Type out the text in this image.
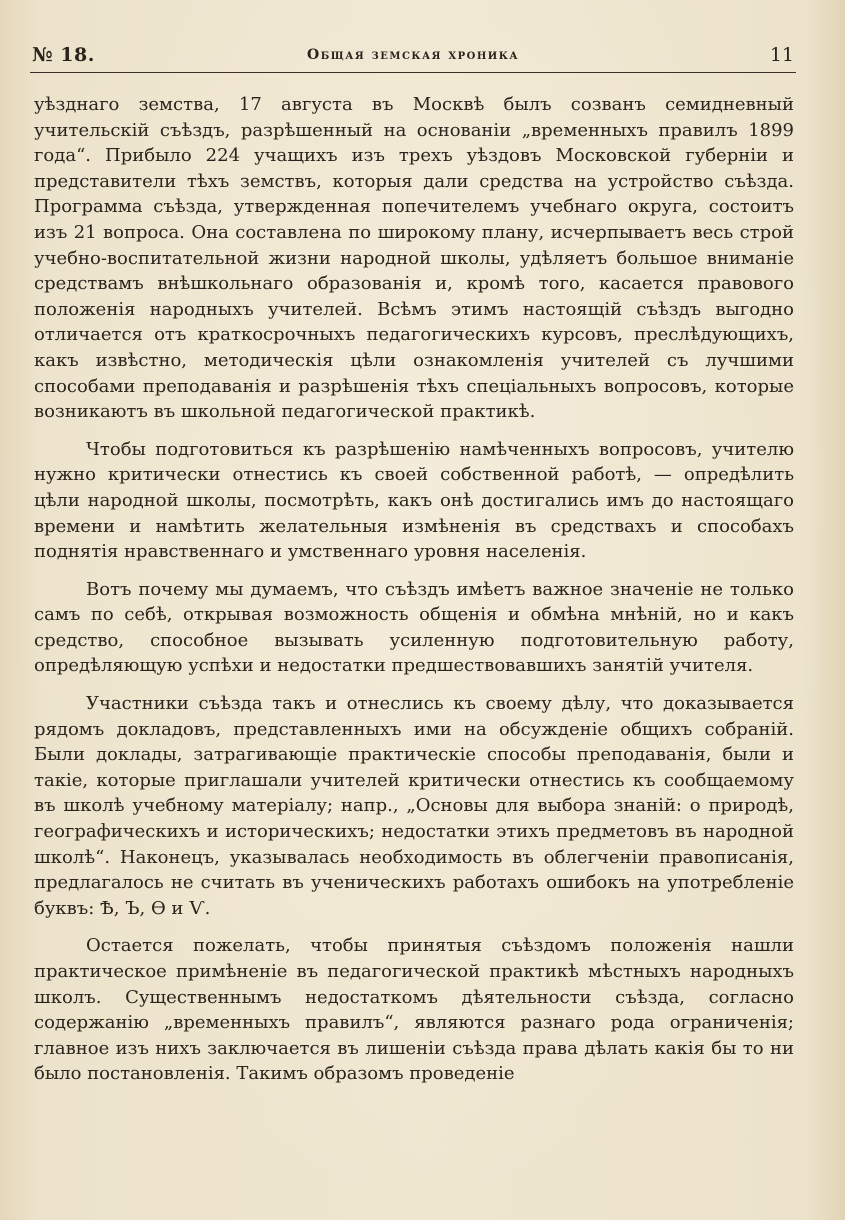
№ 18.	Общая земская хроника	11

уѣзднаго земства, 17 августа въ Москвѣ былъ созванъ семидневный учительскій съѣздъ, разрѣшенный на основаніи „временныхъ правилъ 1899 года“. Прибыло 224 учащихъ изъ трехъ уѣздовъ Московской губерніи и представители тѣхъ земствъ, которыя дали средства на устройство съѣзда. Программа съѣзда, утвержденная попечителемъ учебнаго округа, состоитъ изъ 21 вопроса. Она составлена по широкому плану, исчерпываетъ весь строй учебно-воспитательной жизни народной школы, удѣляетъ большое вниманіе средствамъ внѣшкольнаго образованія и, кромѣ того, касается правового положенія народныхъ учителей. Всѣмъ этимъ настоящій съѣздъ выгодно отличается отъ краткосрочныхъ педагогическихъ курсовъ, преслѣдующихъ, какъ извѣстно, методическія цѣли ознакомленія учителей съ лучшими способами преподаванія и разрѣшенія тѣхъ спеціальныхъ вопросовъ, которые возникаютъ въ школьной педагогической практикѣ.

Чтобы подготовиться къ разрѣшенію намѣченныхъ вопросовъ, учителю нужно критически отнестись къ своей собственной работѣ, — опредѣлить цѣли народной школы, посмотрѣть, какъ онѣ достигались имъ до настоящаго времени и намѣтить желательныя измѣненія въ средствахъ и способахъ поднятія нравственнаго и умственнаго уровня населенія.

Вотъ почему мы думаемъ, что съѣздъ имѣетъ важное значеніе не только самъ по себѣ, открывая возможность общенія и обмѣна мнѣній, но и какъ средство, способное вызывать усиленную подготовительную работу, опредѣляющую успѣхи и недостатки предшествовавшихъ занятій учителя.

Участники съѣзда такъ и отнеслись къ своему дѣлу, что доказывается рядомъ докладовъ, представленныхъ ими на обсужденіе общихъ собраній. Были доклады, затрагивающіе практическіе способы преподаванія, были и такіе, которые приглашали учителей критически отнестись къ сообщаемому въ школѣ учебному матеріалу; напр., „Основы для выбора знаній: о природѣ, географическихъ и историческихъ; недостатки этихъ предметовъ въ народной школѣ“. Наконецъ, указывалась необходимость въ облегченіи правописанія, предлагалось не считать въ ученическихъ работахъ ошибокъ на употребленіе буквъ: Ѣ, Ъ, Ѳ и Ѵ.

Остается пожелать, чтобы принятыя съѣздомъ положенія нашли практическое примѣненіе въ педагогической практикѣ мѣстныхъ народныхъ школъ. Существеннымъ недостаткомъ дѣятельности съѣзда, согласно содержанію „временныхъ правилъ“, являются разнаго рода ограниченія; главное изъ нихъ заключается въ лишеніи съѣзда права дѣлать какія бы то ни было постановленія. Такимъ образомъ проведеніе
